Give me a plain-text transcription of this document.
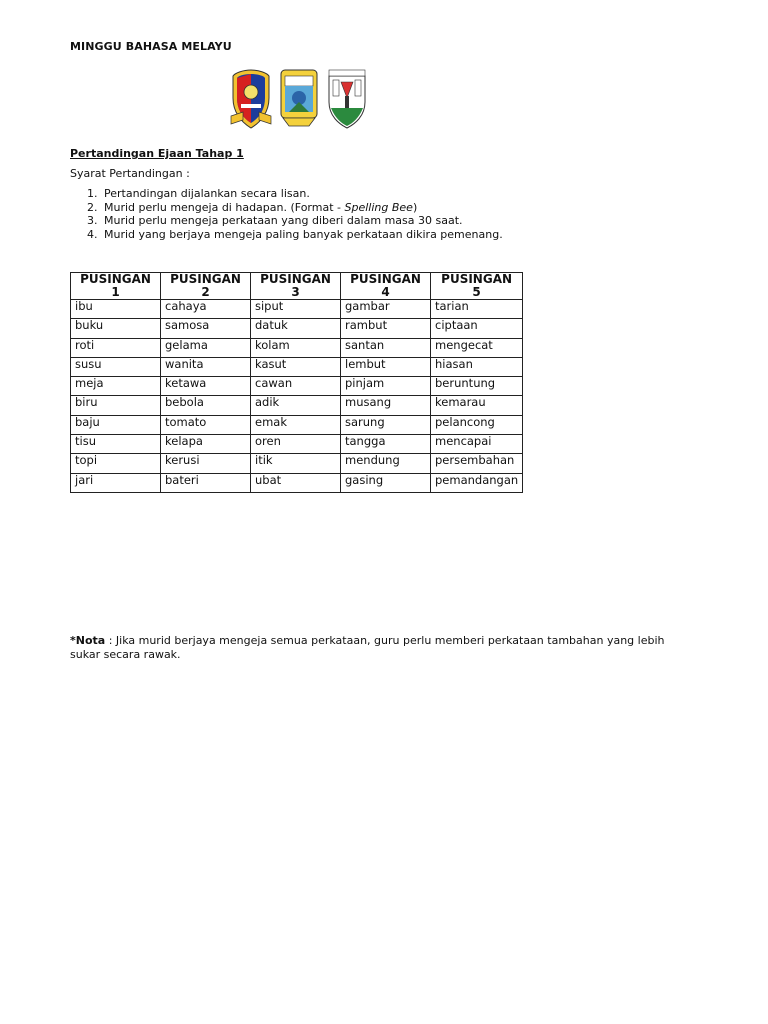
MINGGU BAHASA MELAYU
Pertandingan Ejaan Tahap 1
Syarat Pertandingan :
1. Pertandingan dijalankan secara lisan.
2. Murid perlu mengeja di hadapan. (Format - Spelling Bee)
3. Murid perlu mengeja perkataan yang diberi dalam masa 30 saat.
4. Murid yang berjaya mengeja paling banyak perkataan dikira pemenang.
PUSINGAN 1	PUSINGAN 2	PUSINGAN 3	PUSINGAN 4	PUSINGAN 5
ibu	cahaya	siput	gambar	tarian
buku	samosa	datuk	rambut	ciptaan
roti	gelama	kolam	santan	mengecat
susu	wanita	kasut	lembut	hiasan
meja	ketawa	cawan	pinjam	beruntung
biru	bebola	adik	musang	kemarau
baju	tomato	emak	sarung	pelancong
tisu	kelapa	oren	tangga	mencapai
topi	kerusi	itik	mendung	persembahan
jari	bateri	ubat	gasing	pemandangan
*Nota : Jika murid berjaya mengeja semua perkataan, guru perlu memberi perkataan tambahan yang lebih sukar secara rawak.
